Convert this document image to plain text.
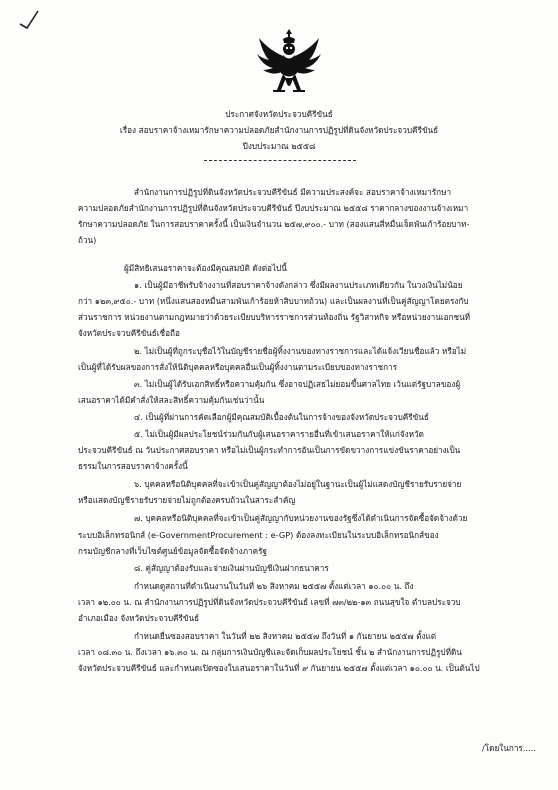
ประกาศจังหวัดประจวบคีรีขันธ์
เรื่อง สอบราคาจ้างเหมารักษาความปลอดภัยสำนักงานการปฏิรูปที่ดินจังหวัดประจวบคีรีขันธ์
ปีงบประมาณ ๒๕๕๘
สำนักงานการปฏิรูปที่ดินจังหวัดประจวบคีรีขันธ์ มีความประสงค์จะ สอบราคาจ้างเหมารักษา
ความปลอดภัยสำนักงานการปฏิรูปที่ดินจังหวัดประจวบคีรีขันธ์ ปีงบประมาณ ๒๕๕๘ ราคากลางของงานจ้างเหมา
รักษาความปลอดภัย ในการสอบราคาครั้งนี้ เป็นเงินจำนวน ๒๕๗,๙๐๐.- บาท (สองแสนสี่หมื่นเจ็ดพันเก้าร้อยบาท-
ถ้วน)
ผู้มีสิทธิเสนอราคาจะต้องมีคุณสมบัติ ดังต่อไปนี้
๑. เป็นผู้มีอาชีพรับจ้างงานที่สอบราคาจ้างดังกล่าว ซึ่งมีผลงานประเภทเดียวกัน ในวงเงินไม่น้อย
กว่า ๑๒๓,๙๕๐.- บาท (หนึ่งแสนสองหมื่นสามพันเก้าร้อยห้าสิบบาทถ้วน) และเป็นผลงานที่เป็นคู่สัญญาโดยตรงกับ
ส่วนราชการ หน่วยงานตามกฎหมายว่าด้วยระเบียบบริหารราชการส่วนท้องถิ่น รัฐวิสาหกิจ หรือหน่วยงานเอกชนที่
จังหวัดประจวบคีรีขันธ์เชื่อถือ
๒. ไม่เป็นผู้ที่ถูกระบุชื่อไว้ในบัญชีรายชื่อผู้ทิ้งงานของทางราชการและได้แจ้งเวียนชื่อแล้ว หรือไม่
เป็นผู้ที่ได้รับผลของการสั่งให้นิติบุคคลหรือบุคคลอื่นเป็นผู้ทิ้งงานตามระเบียบของทางราชการ
๓. ไม่เป็นผู้ได้รับเอกสิทธิ์หรือความคุ้มกัน ซึ่งอาจปฏิเสธไม่ยอมขึ้นศาลไทย เว้นแต่รัฐบาลของผู้
เสนอราคาได้มีคำสั่งให้สละสิทธิ์ความคุ้มกันเช่นว่านั้น
๔. เป็นผู้ที่ผ่านการคัดเลือกผู้มีคุณสมบัติเบื้องต้นในการจ้างของจังหวัดประจวบคีรีขันธ์
๕. ไม่เป็นผู้มีผลประโยชน์ร่วมกันกับผู้เสนอราคารายอื่นที่เข้าเสนอราคาให้แก่จังหวัด
ประจวบคีรีขันธ์ ณ วันประกาศสอบราคา หรือไม่เป็นผู้กระทำการอันเป็นการขัดขวางการแข่งขันราคาอย่างเป็น
ธรรมในการสอบราคาจ้างครั้งนี้
๖. บุคคลหรือนิติบุคคลที่จะเข้าเป็นคู่สัญญาต้องไม่อยู่ในฐานะเป็นผู้ไม่แสดงบัญชีรายรับรายจ่าย
หรือแสดงบัญชีรายรับรายจ่ายไม่ถูกต้องครบถ้วนในสาระสำคัญ
๗. บุคคลหรือนิติบุคคลที่จะเข้าเป็นคู่สัญญากับหน่วยงานของรัฐซึ่งได้ดำเนินการจัดซื้อจัดจ้างด้วย
ระบบอิเล็กทรอนิกส์ (e-GovernmentProcurement : e-GP) ต้องลงทะเบียนในระบบอิเล็กทรอนิกส์ของ
กรมบัญชีกลางที่เว็บไซต์ศูนย์ข้อมูลจัดซื้อจัดจ้างภาครัฐ
๘. คู่สัญญาต้องรับและจ่ายเงินผ่านบัญชีเงินฝากธนาคาร
กำหนดดูสถานที่ดำเนินงานในวันที่ ๒๖ สิงหาคม ๒๕๕๗ ตั้งแต่เวลา ๑๐.๐๐ น. ถึง
เวลา ๑๒.๐๐ น. ณ สำนักงานการปฏิรูปที่ดินจังหวัดประจวบคีรีขันธ์ เลขที่ ๗๓/๒๒-๑๓ ถนนสุขใจ ตำบลประจวบ
อำเภอเมือง จังหวัดประจวบคีรีขันธ์
กำหนดยื่นซองสอบราคา ในวันที่ ๒๒ สิงหาคม ๒๕๕๗ ถึงวันที่ ๑ กันยายน ๒๕๕๗ ตั้งแต่
เวลา ๐๘.๓๐ น. ถึงเวลา ๑๖.๓๐ น. ณ กลุ่มการเงินบัญชีและจัดเก็บผลประโยชน์ ชั้น ๒ สำนักงานการปฏิรูปที่ดิน
จังหวัดประจวบคีรีขันธ์ และกำหนดเปิดซองใบเสนอราคาในวันที่ ๙ กันยายน ๒๕๕๗ ตั้งแต่เวลา ๑๐.๐๐ น. เป็นต้นไป
/โดยในการ.....
